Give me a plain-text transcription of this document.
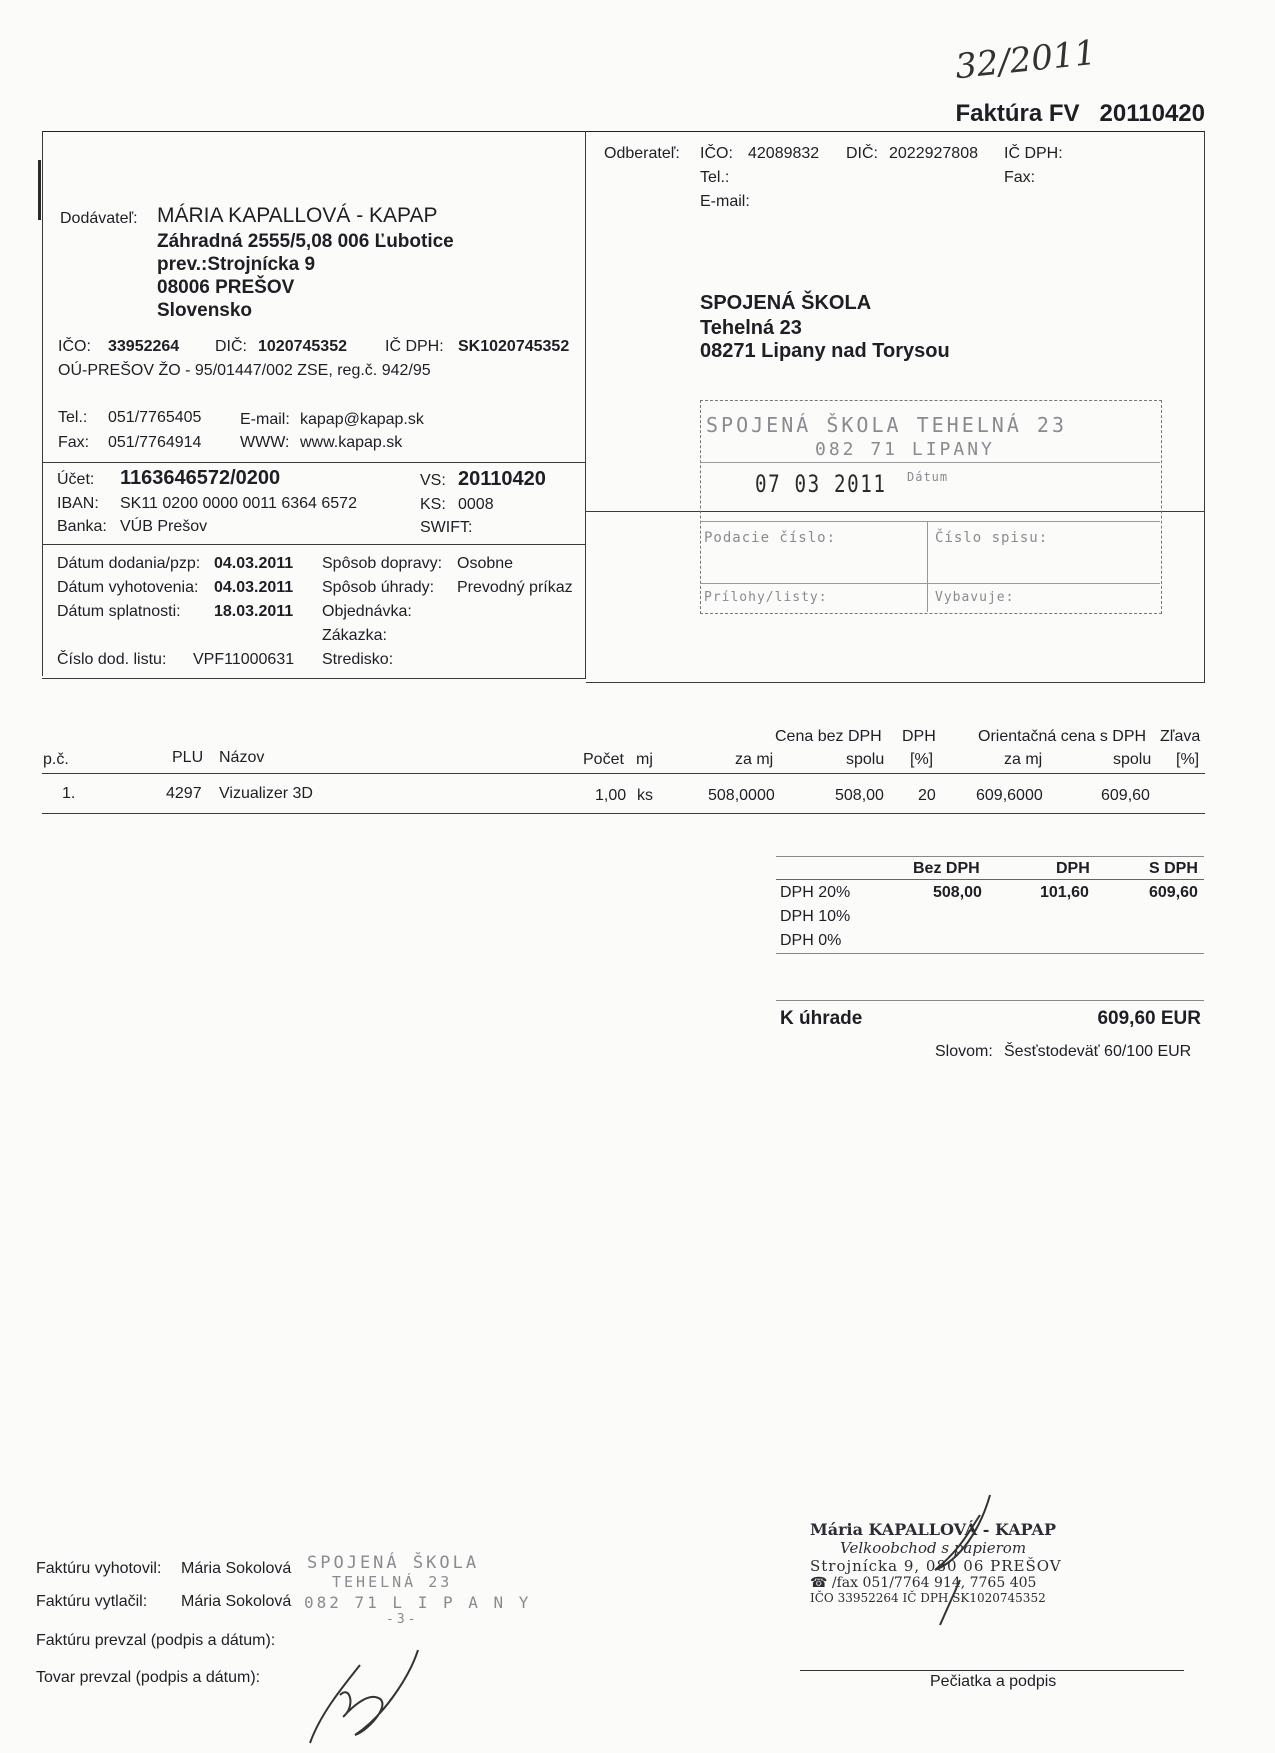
32/2011
Faktúra FV 20110420
Dodávateľ: MÁRIA KAPALLOVÁ - KAPAP
Záhradná 2555/5,08 006 Ľubotice
prev.:Strojnícka 9
08006 PREŠOV
Slovensko
IČO: 33952264 DIČ: 1020745352 IČ DPH: SK1020745352
OÚ-PREŠOV ŽO - 95/01447/002 ZSE, reg.č. 942/95
Tel.: 051/7765405
Fax: 051/7764914
E-mail: kapap@kapap.sk
WWW: www.kapap.sk
Účet: 1163646572/0200
IBAN: SK11 0200 0000 0011 6364 6572
Banka: VÚB Prešov
VS: 20110420
KS: 0008
SWIFT:
Dátum dodania/pzp: 04.03.2011
Dátum vyhotovenia: 04.03.2011
Dátum splatnosti: 18.03.2011
Číslo dod. listu: VPF11000631
Spôsob dopravy: Osobne
Spôsob úhrady: Prevodný príkaz
Objednávka:
Zákazka:
Stredisko:
Odberateľ: IČO: 42089832 DIČ: 2022927808 IČ DPH:
Tel.:	Fax:
E-mail:
SPOJENÁ ŠKOLA
Tehelná 23
08271 Lipany nad Torysou
SPOJENÁ ŠKOLA TEHELNÁ 23
082 71 LIPANY
07 03 2011 Dátum
Podacie číslo:	Číslo spisu:
Prílohy/listy:	Vybavuje:
Cena bez DPH DPH	Orientačná cena s DPH Zľava
p.č.	PLU Názov	Počet mj	za mj	spolu [%]	za mj	spolu [%]
1.	4297 Vizualizer 3D	1,00 ks	508,0000	508,00 20	609,6000	609,60
Bez DPH	DPH	S DPH
DPH 20%	508,00	101,60	609,60
DPH 10%
DPH 0%
K úhrade	609,60 EUR
Slovom: Šesťstodeväť 60/100 EUR
Faktúru vyhotovil: Mária Sokolová
Faktúru vytlačil: Mária Sokolová
Faktúru prevzal (podpis a dátum):
Tovar prevzal (podpis a dátum):
SPOJENÁ ŠKOLA
TEHELNÁ 23
082 71 L I P A N Y
-3-
Mária KAPALLOVÁ - KAPAP
Velkoobchod s papierom
Strojnícka 9, 080 06 PREŠOV
☎ /fax 051/7764 914, 7765 405
IČO 33952264 IČ DPH SK1020745352
Pečiatka a podpis
